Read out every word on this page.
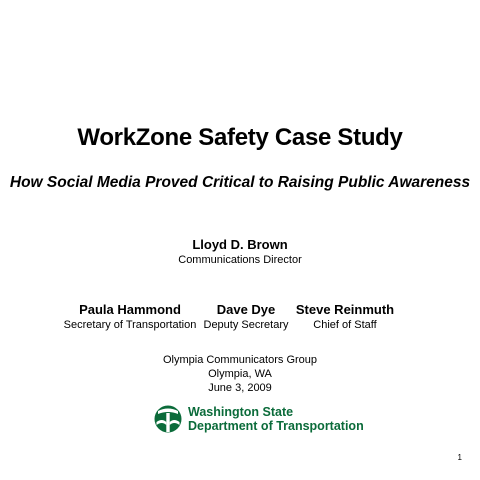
WorkZone Safety Case Study
How Social Media Proved Critical to Raising Public Awareness
Lloyd D. Brown
Communications Director
Paula Hammond
Secretary of Transportation
Dave Dye
Deputy Secretary
Steve Reinmuth
Chief of Staff
Olympia Communicators Group
Olympia, WA
June 3, 2009
Washington State
Department of Transportation
1
